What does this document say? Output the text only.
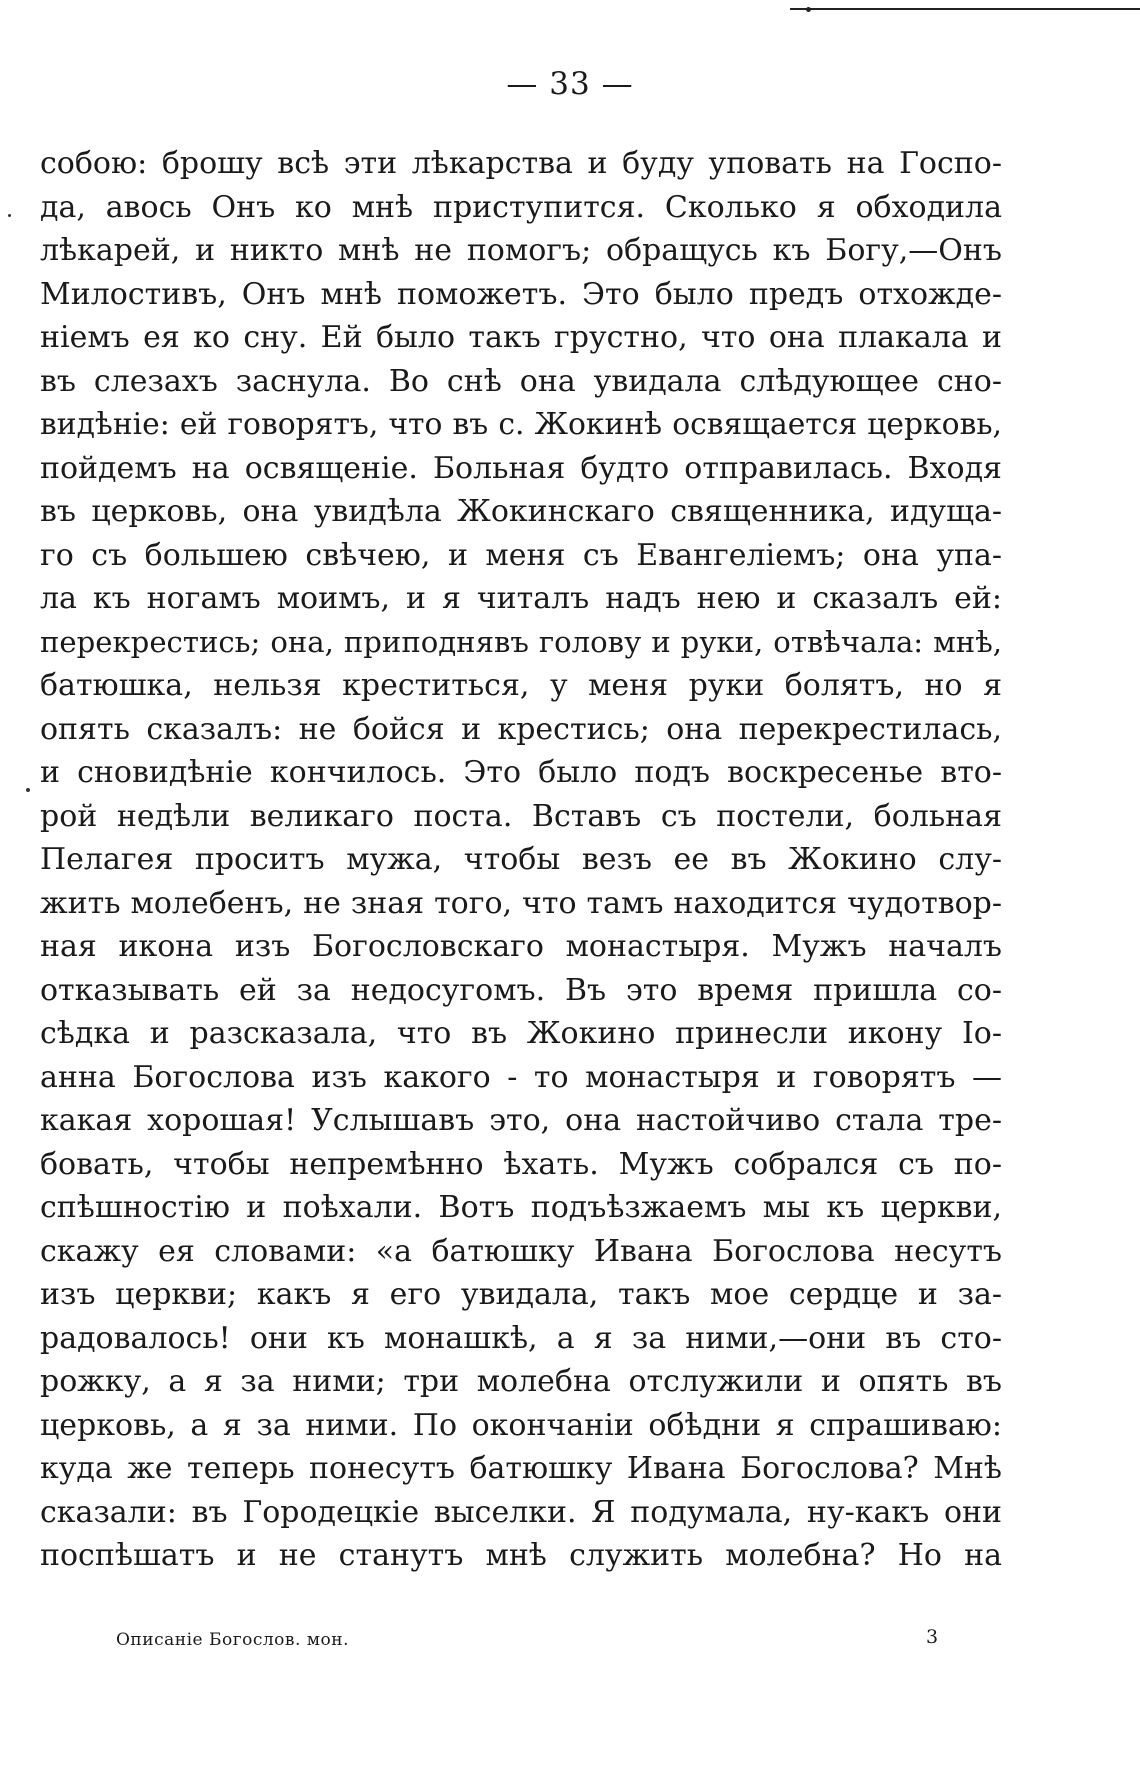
— 33 —
собою: брошу всѣ эти лѣкарства и буду уповать на Госпо-
да, авось Онъ ко мнѣ приступится. Сколько я обходила
лѣкарей, и никто мнѣ не помогъ; обращусь къ Богу,—Онъ
Милостивъ, Онъ мнѣ поможетъ. Это было предъ отхожде-
ніемъ ея ко сну. Ей было такъ грустно, что она плакала и
въ слезахъ заснула. Во снѣ она увидала слѣдующее сно-
видѣніе: ей говорятъ, что въ с. Жокинѣ освящается церковь,
пойдемъ на освященіе. Больная будто отправилась. Входя
въ церковь, она увидѣла Жокинскаго священника, идуща-
го съ большею свѣчею, и меня съ Евангеліемъ; она упа-
ла къ ногамъ моимъ, и я читалъ надъ нею и сказалъ ей:
перекрестись; она, приподнявъ голову и руки, отвѣчала: мнѣ,
батюшка, нельзя креститься, у меня руки болятъ, но я
опять сказалъ: не бойся и крестись; она перекрестилась,
и сновидѣніе кончилось. Это было подъ воскресенье вто-
рой недѣли великаго поста. Вставъ съ постели, больная
Пелагея проситъ мужа, чтобы везъ ее въ Жокино слу-
жить молебенъ, не зная того, что тамъ находится чудотвор-
ная икона изъ Богословскаго монастыря. Мужъ началъ
отказывать ей за недосугомъ. Въ это время пришла со-
сѣдка и разсказала, что въ Жокино принесли икону Іо-
анна Богослова изъ какого - то монастыря и говорятъ —
какая хорошая! Услышавъ это, она настойчиво стала тре-
бовать, чтобы непремѣнно ѣхать. Мужъ собрался съ по-
спѣшностію и поѣхали. Вотъ подъѣзжаемъ мы къ церкви,
скажу ея словами: «а батюшку Ивана Богослова несутъ
изъ церкви; какъ я его увидала, такъ мое сердце и за-
радовалось! они къ монашкѣ, а я за ними,—они въ сто-
рожку, а я за ними; три молебна отслужили и опять въ
церковь, а я за ними. По окончаніи обѣдни я спрашиваю:
куда же теперь понесутъ батюшку Ивана Богослова? Мнѣ
сказали: въ Городецкіе выселки. Я подумала, ну-какъ они
поспѣшатъ и не станутъ мнѣ служить молебна? Но на
Описаніе Богослов. мон.	3
